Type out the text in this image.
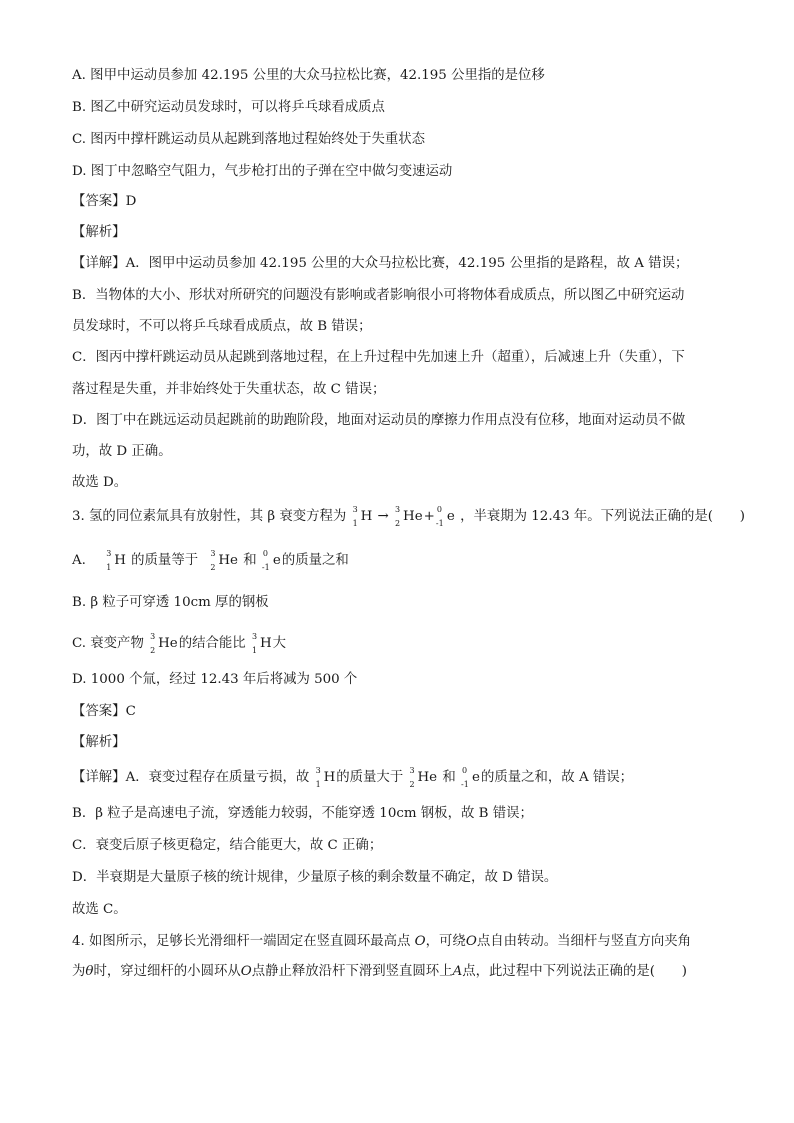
A. 图甲中运动员参加 42.195 公里的大众马拉松比赛，42.195 公里指的是位移
B. 图乙中研究运动员发球时，可以将乒乓球看成质点
C. 图丙中撑杆跳运动员从起跳到落地过程始终处于失重状态
D. 图丁中忽略空气阻力，气步枪打出的子弹在空中做匀变速运动
【答案】D
【解析】
【详解】A．图甲中运动员参加 42.195 公里的大众马拉松比赛，42.195 公里指的是路程，故 A 错误；
B．当物体的大小、形状对所研究的问题没有影响或者影响很小可将物体看成质点，所以图乙中研究运动
员发球时，不可以将乒乓球看成质点，故 B 错误；
C．图丙中撑杆跳运动员从起跳到落地过程，在上升过程中先加速上升（超重），后减速上升（失重），下
落过程是失重，并非始终处于失重状态，故 C 错误；
D．图丁中在跳远运动员起跳前的助跑阶段，地面对运动员的摩擦力作用点没有位移，地面对运动员不做
功，故 D 正确。
故选 D。
3. 氢的同位素氚具有放射性，其 β 衰变方程为 3
1 H → 3
2 He+ 0
-1 e ，半衰期为 12.43 年。下列说法正确的是(　　)
A.	3
1 H 的质量等于 3
2 He 和 0
-1 e的质量之和
B. β 粒子可穿透 10cm 厚的钢板
C. 衰变产物 3
2 He的结合能比 3
1 H大
D. 1000 个氚，经过 12.43 年后将减为 500 个
【答案】C
【解析】
【详解】A．衰变过程存在质量亏损，故 3
1 H的质量大于 3
2 He 和 0
-1 e的质量之和，故 A 错误；
B．β 粒子是高速电子流，穿透能力较弱，不能穿透 10cm 钢板，故 B 错误；
C．衰变后原子核更稳定，结合能更大，故 C 正确；
D．半衰期是大量原子核的统计规律，少量原子核的剩余数量不确定，故 D 错误。
故选 C。
4. 如图所示，足够长光滑细杆一端固定在竖直圆环最高点 O，可绕O点自由转动。当细杆与竖直方向夹角
为θ时，穿过细杆的小圆环从O点静止释放沿杆下滑到竖直圆环上A点，此过程中下列说法正确的是(　　)
